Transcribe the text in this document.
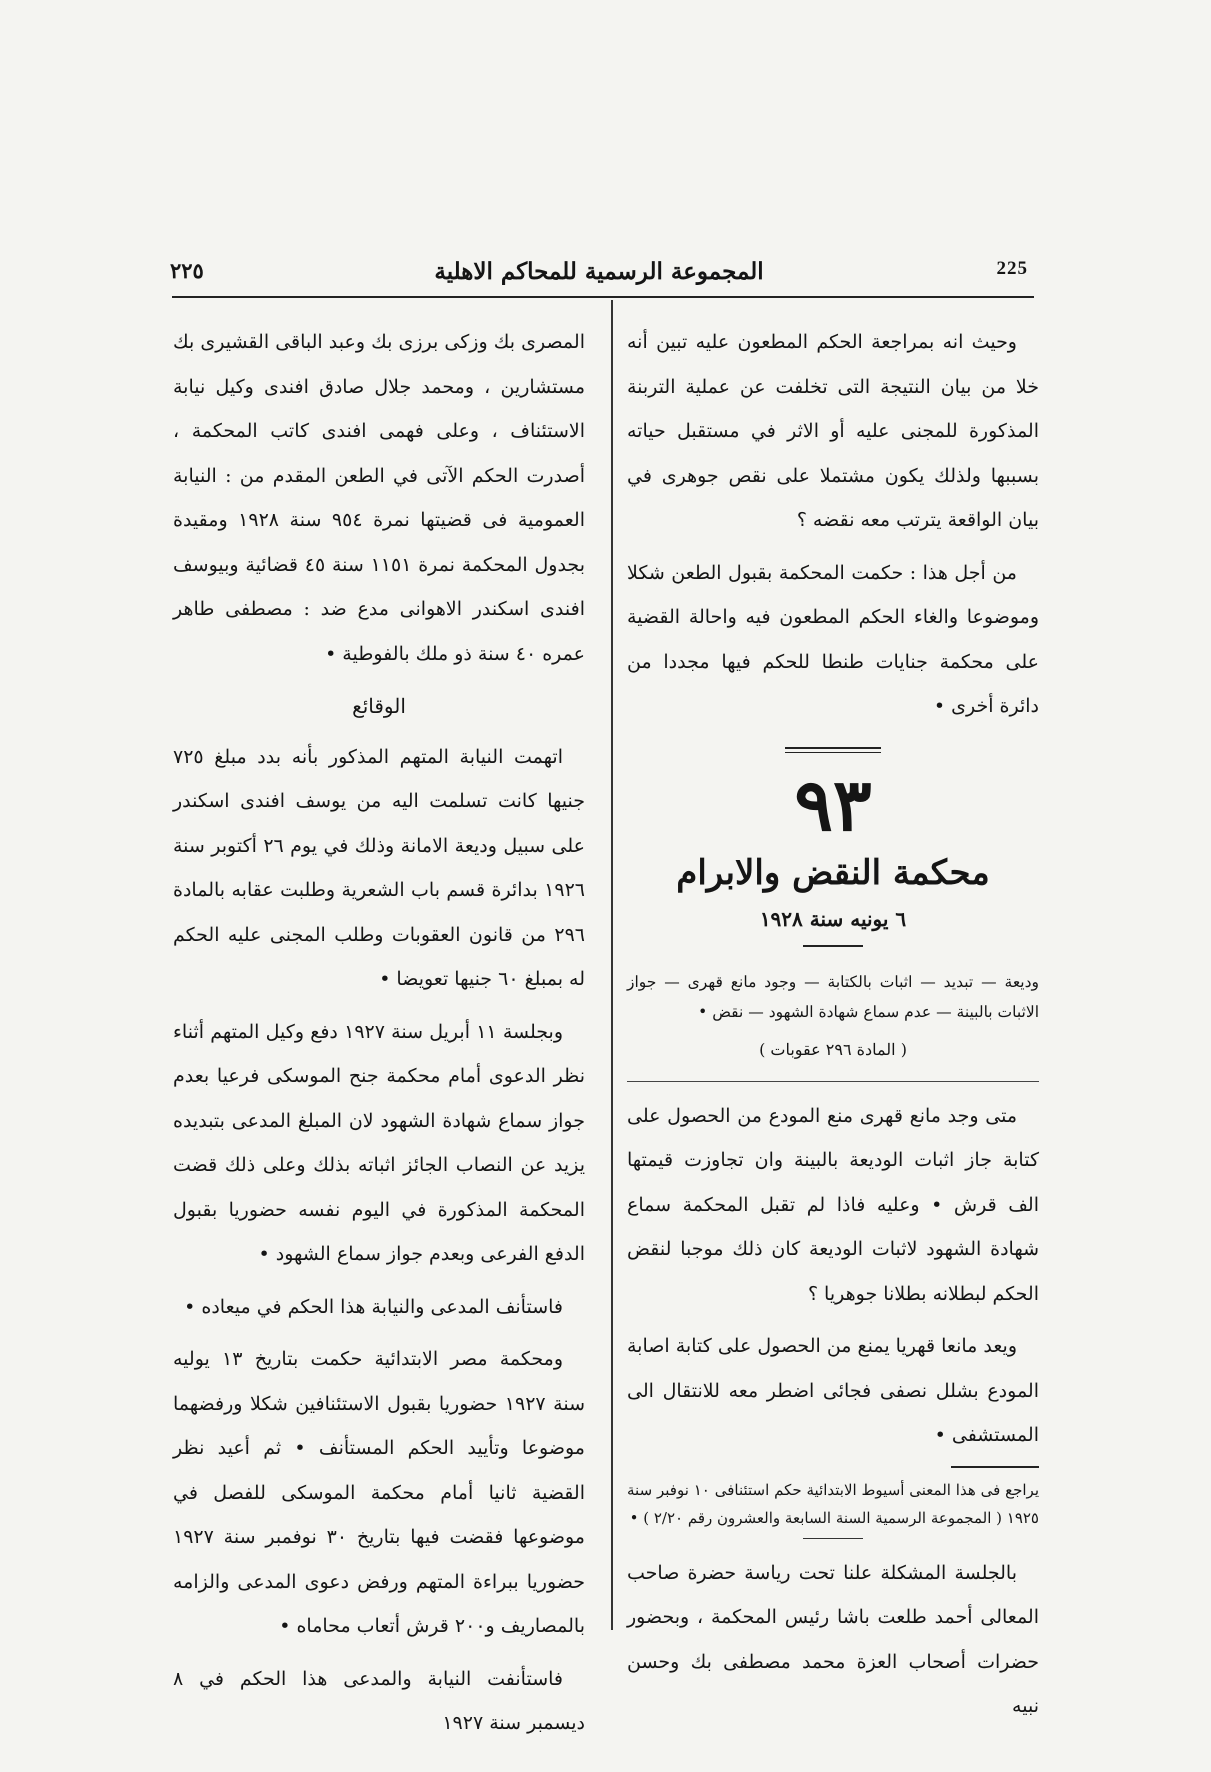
225
المجموعة الرسمية للمحاكم الاهلية
٢٢٥

وحيث انه بمراجعة الحكم المطعون عليه تبين أنه خلا من بيان النتيجة التى تخلفت عن عملية التربنة المذكورة للمجنى عليه أو الاثر في مستقبل حياته بسببها ولذلك يكون مشتملا على نقص جوهرى في بيان الواقعة يترتب معه نقضه ؟

من أجل هذا : حكمت المحكمة بقبول الطعن شكلا وموضوعا والغاء الحكم المطعون فيه واحالة القضية على محكمة جنايات طنطا للحكم فيها مجددا من دائرة أخرى •

٩٣
محكمة النقض والابرام
٦ يونيه سنة ١٩٢٨
وديعة — تبديد — اثبات بالكتابة — وجود مانع قهرى — جواز الاثبات بالبينة — عدم سماع شهادة الشهود — نقض •
( المادة ٢٩٦ عقوبات )

متى وجد مانع قهرى منع المودع من الحصول على كتابة جاز اثبات الوديعة بالبينة وان تجاوزت قيمتها الف قرش • وعليه فاذا لم تقبل المحكمة سماع شهادة الشهود لاثبات الوديعة كان ذلك موجبا لنقض الحكم لبطلانه بطلانا جوهريا ؟

ويعد مانعا قهريا يمنع من الحصول على كتابة اصابة المودع بشلل نصفى فجائى اضطر معه للانتقال الى المستشفى •

يراجع فى هذا المعنى أسيوط الابتدائية حكم استئنافى ١٠ نوفبر سنة ١٩٢٥ ( المجموعة الرسمية السنة السابعة والعشرون رقم ٢/٢٠ ) •

بالجلسة المشكلة علنا تحت رياسة حضرة صاحب المعالى أحمد طلعت باشا رئيس المحكمة ، وبحضور حضرات أصحاب العزة محمد مصطفى بك وحسن نبيه

المصرى بك وزكى برزى بك وعبد الباقى القشيرى بك مستشارين ، ومحمد جلال صادق افندى وكيل نيابة الاستئناف ، وعلى فهمى افندى كاتب المحكمة ، أصدرت الحكم الآتى في الطعن المقدم من : النيابة العمومية فى قضيتها نمرة ٩٥٤ سنة ١٩٢٨ ومقيدة بجدول المحكمة نمرة ١١٥١ سنة ٤٥ قضائية وبيوسف افندى اسكندر الاهوانى مدع ضد : مصطفى طاهر عمره ٤٠ سنة ذو ملك بالفوطية •

الوقائع

اتهمت النيابة المتهم المذكور بأنه بدد مبلغ ٧٢٥ جنيها كانت تسلمت اليه من يوسف افندى اسكندر على سبيل وديعة الامانة وذلك في يوم ٢٦ أكتوبر سنة ١٩٢٦ بدائرة قسم باب الشعرية وطلبت عقابه بالمادة ٢٩٦ من قانون العقوبات وطلب المجنى عليه الحكم له بمبلغ ٦٠ جنيها تعويضا •

وبجلسة ١١ أبريل سنة ١٩٢٧ دفع وكيل المتهم أثناء نظر الدعوى أمام محكمة جنح الموسكى فرعيا بعدم جواز سماع شهادة الشهود لان المبلغ المدعى بتبديده يزيد عن النصاب الجائز اثباته بذلك وعلى ذلك قضت المحكمة المذكورة في اليوم نفسه حضوريا بقبول الدفع الفرعى وبعدم جواز سماع الشهود •

فاستأنف المدعى والنيابة هذا الحكم في ميعاده •

ومحكمة مصر الابتدائية حكمت بتاريخ ١٣ يوليه سنة ١٩٢٧ حضوريا بقبول الاستئنافين شكلا ورفضهما موضوعا وتأييد الحكم المستأنف • ثم أعيد نظر القضية ثانيا أمام محكمة الموسكى للفصل في موضوعها فقضت فيها بتاريخ ٣٠ نوفمبر سنة ١٩٢٧ حضوريا ببراءة المتهم ورفض دعوى المدعى والزامه بالمصاريف و٢٠٠ قرش أتعاب محاماه •

فاستأنفت النيابة والمدعى هذا الحكم في ٨ ديسمبر سنة ١٩٢٧
